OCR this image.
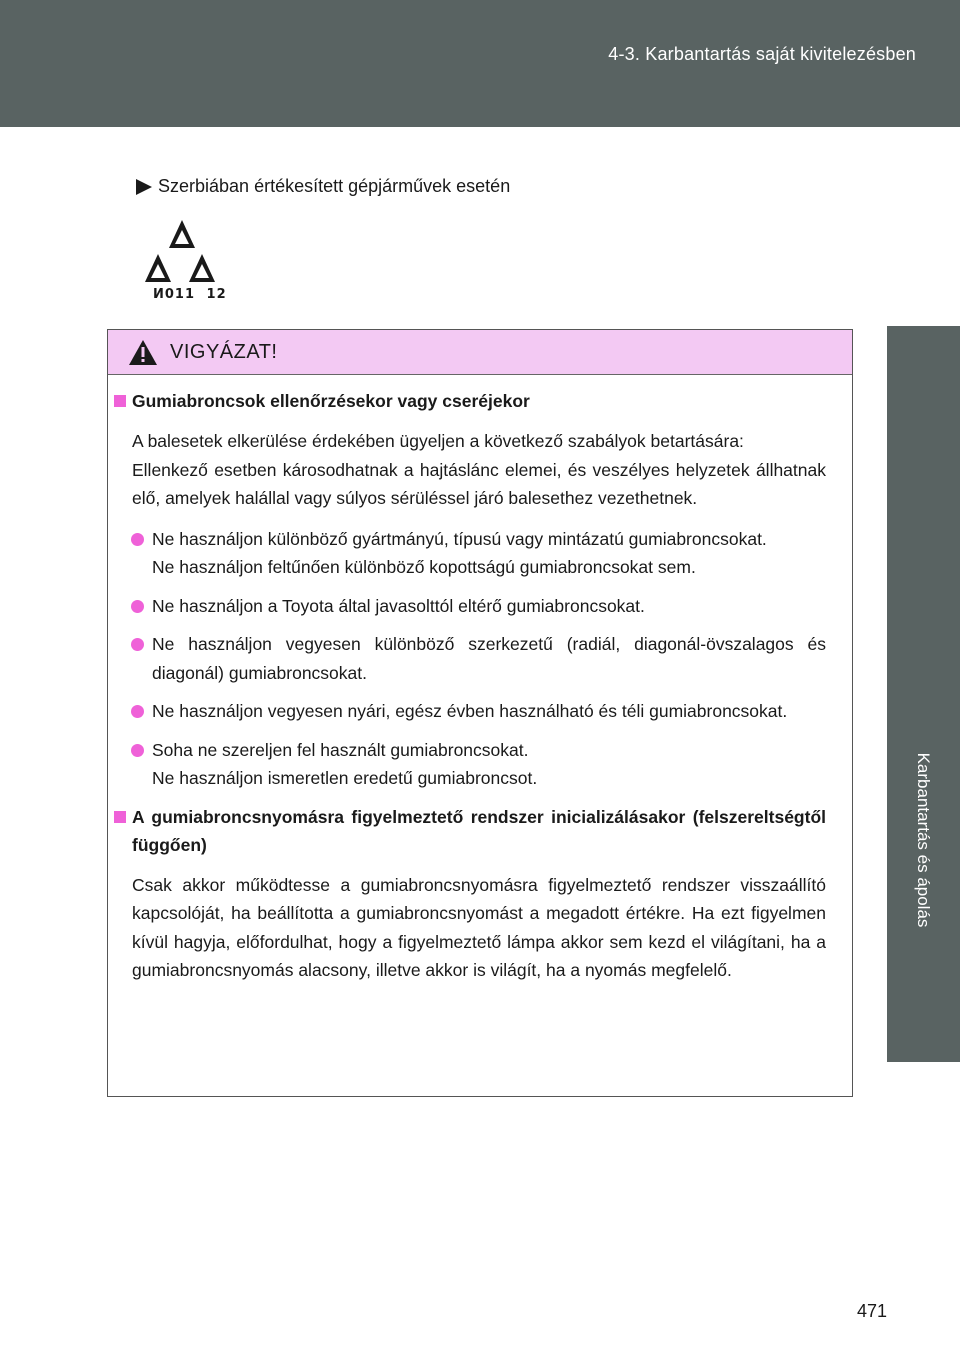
4-3. Karbantartás saját kivitelezésben
4
Karbantartás és ápolás
Szerbiában értékesített gépjárművek esetén
И011 12
VIGYÁZAT!
Gumiabroncsok ellenőrzésekor vagy cseréjekor
A balesetek elkerülése érdekében ügyeljen a következő szabályok betartására:
Ellenkező esetben károsodhatnak a hajtáslánc elemei, és veszélyes helyzetek állhatnak elő, amelyek halállal vagy súlyos sérüléssel járó balesethez vezethetnek.
Ne használjon különböző gyártmányú, típusú vagy mintázatú gumiabroncsokat.
Ne használjon feltűnően különböző kopottságú gumiabroncsokat sem.
Ne használjon a Toyota által javasolttól eltérő gumiabroncsokat.
Ne használjon vegyesen különböző szerkezetű (radiál, diagonál-övszalagos és diagonál) gumiabroncsokat.
Ne használjon vegyesen nyári, egész évben használható és téli gumiabroncsokat.
Soha ne szereljen fel használt gumiabroncsokat.
Ne használjon ismeretlen eredetű gumiabroncsot.
A gumiabroncsnyomásra figyelmeztető rendszer inicializálásakor (felszereltségtől függően)
Csak akkor működtesse a gumiabroncsnyomásra figyelmeztető rendszer visszaállító kapcsolóját, ha beállította a gumiabroncsnyomást a megadott értékre. Ha ezt figyelmen kívül hagyja, előfordulhat, hogy a figyelmeztető lámpa akkor sem kezd el világítani, ha a gumiabroncsnyomás alacsony, illetve akkor is világít, ha a nyomás megfelelő.
471
